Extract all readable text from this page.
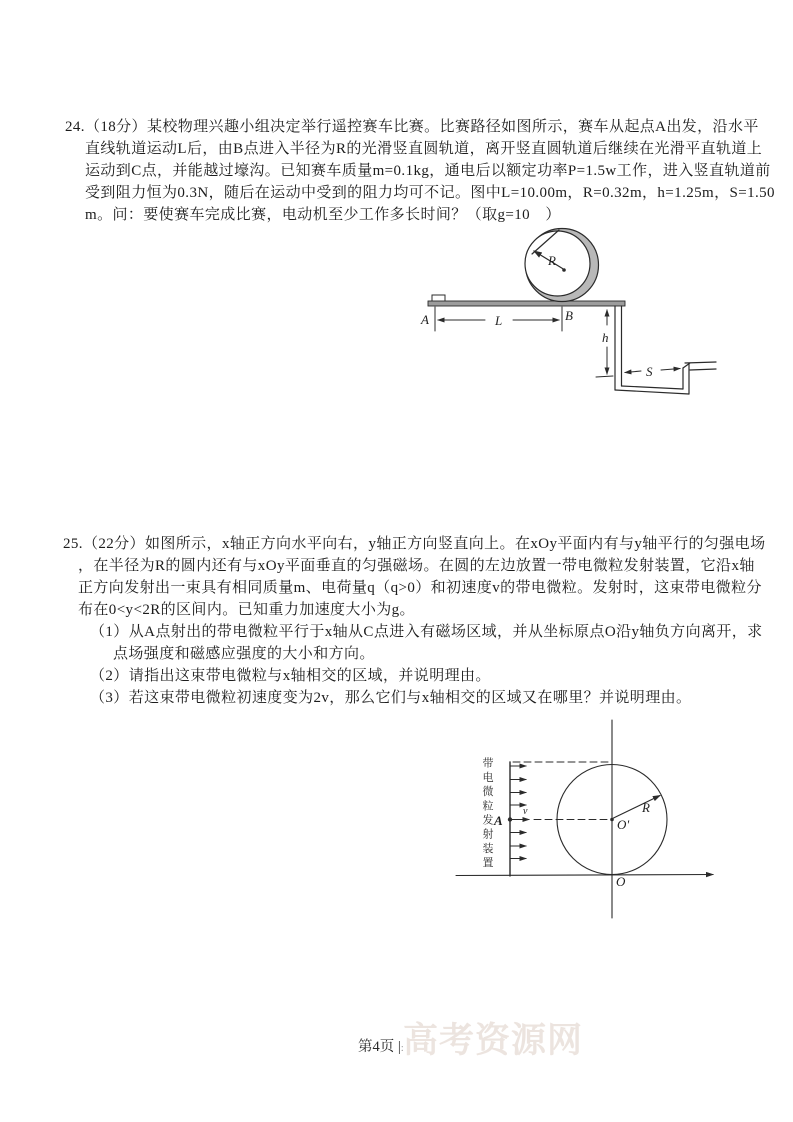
24.（18分）某校物理兴趣小组决定举行遥控赛车比赛。比赛路径如图所示，赛车从起点A出发，沿水平
直线轨道运动L后，由B点进入半径为R的光滑竖直圆轨道，离开竖直圆轨道后继续在光滑平直轨道上
运动到C点，并能越过壕沟。已知赛车质量m=0.1kg，通电后以额定功率P=1.5w工作，进入竖直轨道前
受到阻力恒为0.3N，随后在运动中受到的阻力均可不记。图中L=10.00m，R=0.32m，h=1.25m，S=1.50
m。问：要使赛车完成比赛，电动机至少工作多长时间？（取g=10　）
A	B
L
R
h
S
25.（22分）如图所示，x轴正方向水平向右，y轴正方向竖直向上。在xOy平面内有与y轴平行的匀强电场
，在半径为R的圆内还有与xOy平面垂直的匀强磁场。在圆的左边放置一带电微粒发射装置，它沿x轴
正方向发射出一束具有相同质量m、电荷量q（q>0）和初速度v的带电微粒。发射时，这束带电微粒分
布在0<y<2R的区间内。已知重力加速度大小为g。
（1）从A点射出的带电微粒平行于x轴从C点进入有磁场区域，并从坐标原点O沿y轴负方向离开，求
点场强度和磁感应强度的大小和方向。
（2）请指出这束带电微粒与x轴相交的区域，并说明理由。
（3）若这束带电微粒初速度变为2v，那么它们与x轴相交的区域又在哪里？并说明理由。
带电微粒发射装置 A
v	R
O'
O
高考资源网
第4页 |:
